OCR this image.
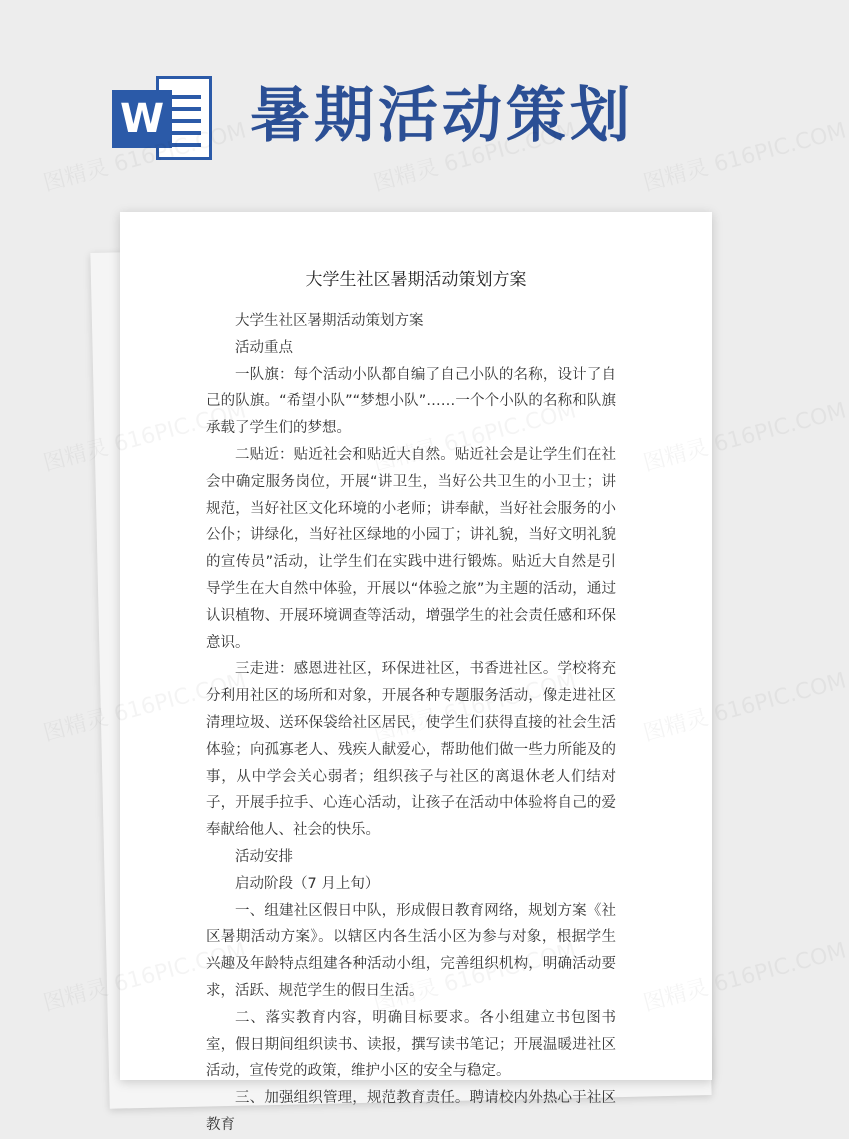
W 暑期活动策划
大学生社区暑期活动策划方案

大学生社区暑期活动策划方案

活动重点

一队旗：每个活动小队都自编了自己小队的名称，设计了自己的队旗。“希望小队”“梦想小队”……一个个小队的名称和队旗承载了学生们的梦想。

二贴近：贴近社会和贴近大自然。贴近社会是让学生们在社会中确定服务岗位，开展“讲卫生，当好公共卫生的小卫士；讲规范，当好社区文化环境的小老师；讲奉献，当好社会服务的小公仆；讲绿化，当好社区绿地的小园丁；讲礼貌，当好文明礼貌的宣传员”活动，让学生们在实践中进行锻炼。贴近大自然是引导学生在大自然中体验，开展以“体验之旅”为主题的活动，通过认识植物、开展环境调查等活动，增强学生的社会责任感和环保意识。

三走进：感恩进社区，环保进社区，书香进社区。学校将充分利用社区的场所和对象，开展各种专题服务活动，像走进社区清理垃圾、送环保袋给社区居民，使学生们获得直接的社会生活体验；向孤寡老人、残疾人献爱心，帮助他们做一些力所能及的事，从中学会关心弱者；组织孩子与社区的离退休老人们结对子，开展手拉手、心连心活动，让孩子在活动中体验将自己的爱奉献给他人、社会的快乐。

活动安排

启动阶段（7 月上旬）

一、组建社区假日中队，形成假日教育网络，规划方案《社区暑期活动方案》。以辖区内各生活小区为参与对象，根据学生兴趣及年龄特点组建各种活动小组，完善组织机构，明确活动要求，活跃、规范学生的假日生活。

二、落实教育内容，明确目标要求。各小组建立书包图书室，假日期间组织读书、读报，撰写读书笔记；开展温暖进社区活动，宣传党的政策，维护小区的安全与稳定。

三、加强组织管理，规范教育责任。聘请校内外热心于社区教育
